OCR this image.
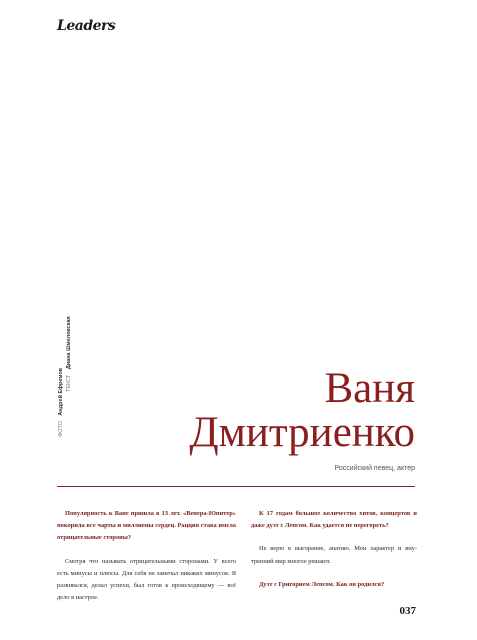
Leaders
ФОТО Андрей Ефремов ТЕКСТ Диана Шмелевская
Ваня
Дмитриенко
Российский певец, актер

Популярность к Ване пришла в 13 лет. «Венера-Юпитер» покорила все чарты и миллионы сердец. Рацция става имела отрицательные стороны?

Смотря что называть отрицательными сторонами. У всего есть минусы и плюсы. Для себя не замечал никаких минусов. Я развивался, делал успехи, был готов к происходящему — всё дело в настрое.

К 17 годам большое количество хитов, концертов и даже дуэт с Лепсом. Как удается не перегореть?

Не верю в выгорание, апатию. Мои характер и внутренний мир многое решают.

Дуэт с Григорием Лепсом. Как он родился?

037
